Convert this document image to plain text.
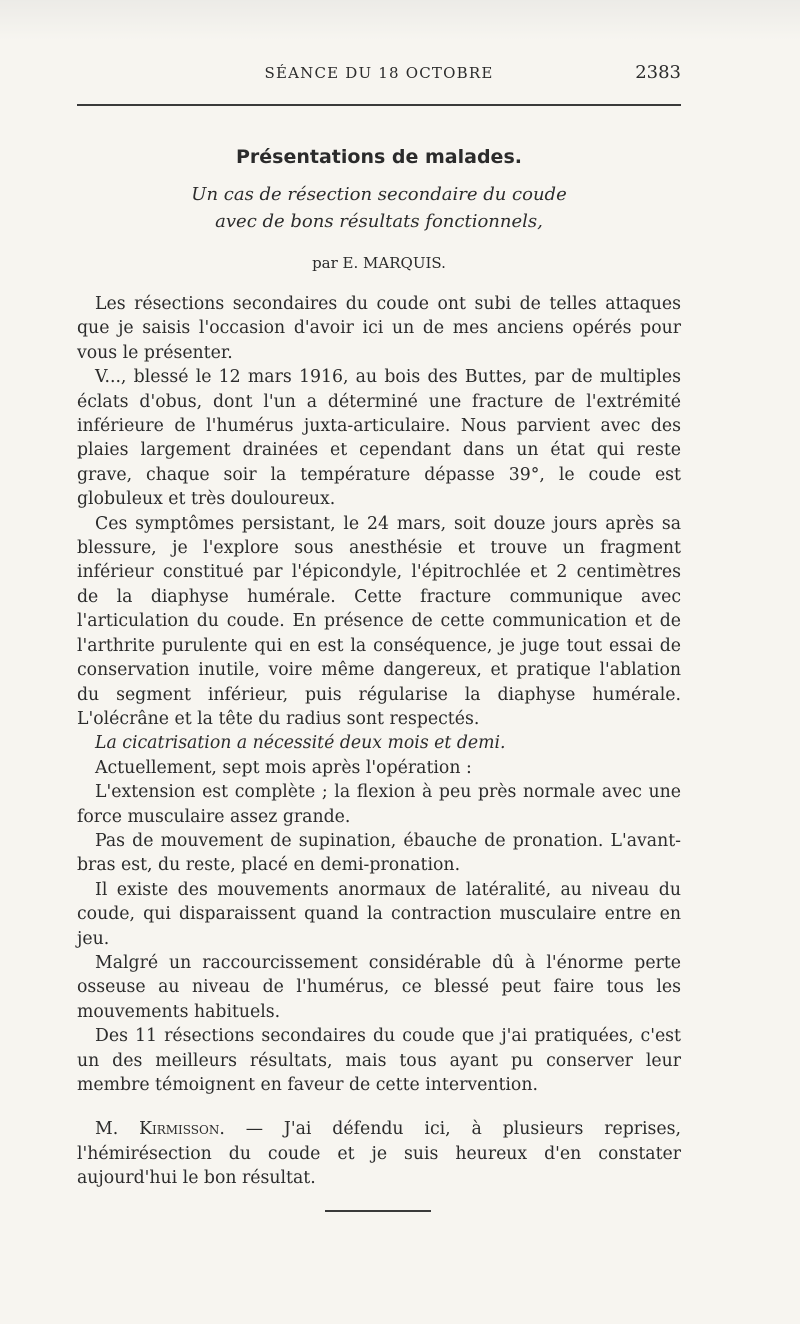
SÉANCE DU 18 OCTOBRE	2383
Présentations de malades.
Un cas de résection secondaire du coude
avec de bons résultats fonctionnels,
par E. MARQUIS.

Les résections secondaires du coude ont subi de telles attaques que je saisis l'occasion d'avoir ici un de mes anciens opérés pour vous le présenter.

V..., blessé le 12 mars 1916, au bois des Buttes, par de multiples éclats d'obus, dont l'un a déterminé une fracture de l'extrémité inférieure de l'humérus juxta-articulaire. Nous parvient avec des plaies largement drainées et cependant dans un état qui reste grave, chaque soir la température dépasse 39°, le coude est globuleux et très douloureux.

Ces symptômes persistant, le 24 mars, soit douze jours après sa blessure, je l'explore sous anesthésie et trouve un fragment inférieur constitué par l'épicondyle, l'épitrochlée et 2 centimètres de la diaphyse humérale. Cette fracture communique avec l'articulation du coude. En présence de cette communication et de l'arthrite purulente qui en est la conséquence, je juge tout essai de conservation inutile, voire même dangereux, et pratique l'ablation du segment inférieur, puis régularise la diaphyse humérale. L'olécrâne et la tête du radius sont respectés.

La cicatrisation a nécessité deux mois et demi.

Actuellement, sept mois après l'opération :

L'extension est complète ; la flexion à peu près normale avec une force musculaire assez grande.

Pas de mouvement de supination, ébauche de pronation. L'avant-bras est, du reste, placé en demi-pronation.

Il existe des mouvements anormaux de latéralité, au niveau du coude, qui disparaissent quand la contraction musculaire entre en jeu.

Malgré un raccourcissement considérable dû à l'énorme perte osseuse au niveau de l'humérus, ce blessé peut faire tous les mouvements habituels.

Des 11 résections secondaires du coude que j'ai pratiquées, c'est un des meilleurs résultats, mais tous ayant pu conserver leur membre témoignent en faveur de cette intervention.

M. Kirmisson. — J'ai défendu ici, à plusieurs reprises, l'hémirésection du coude et je suis heureux d'en constater aujourd'hui le bon résultat.
